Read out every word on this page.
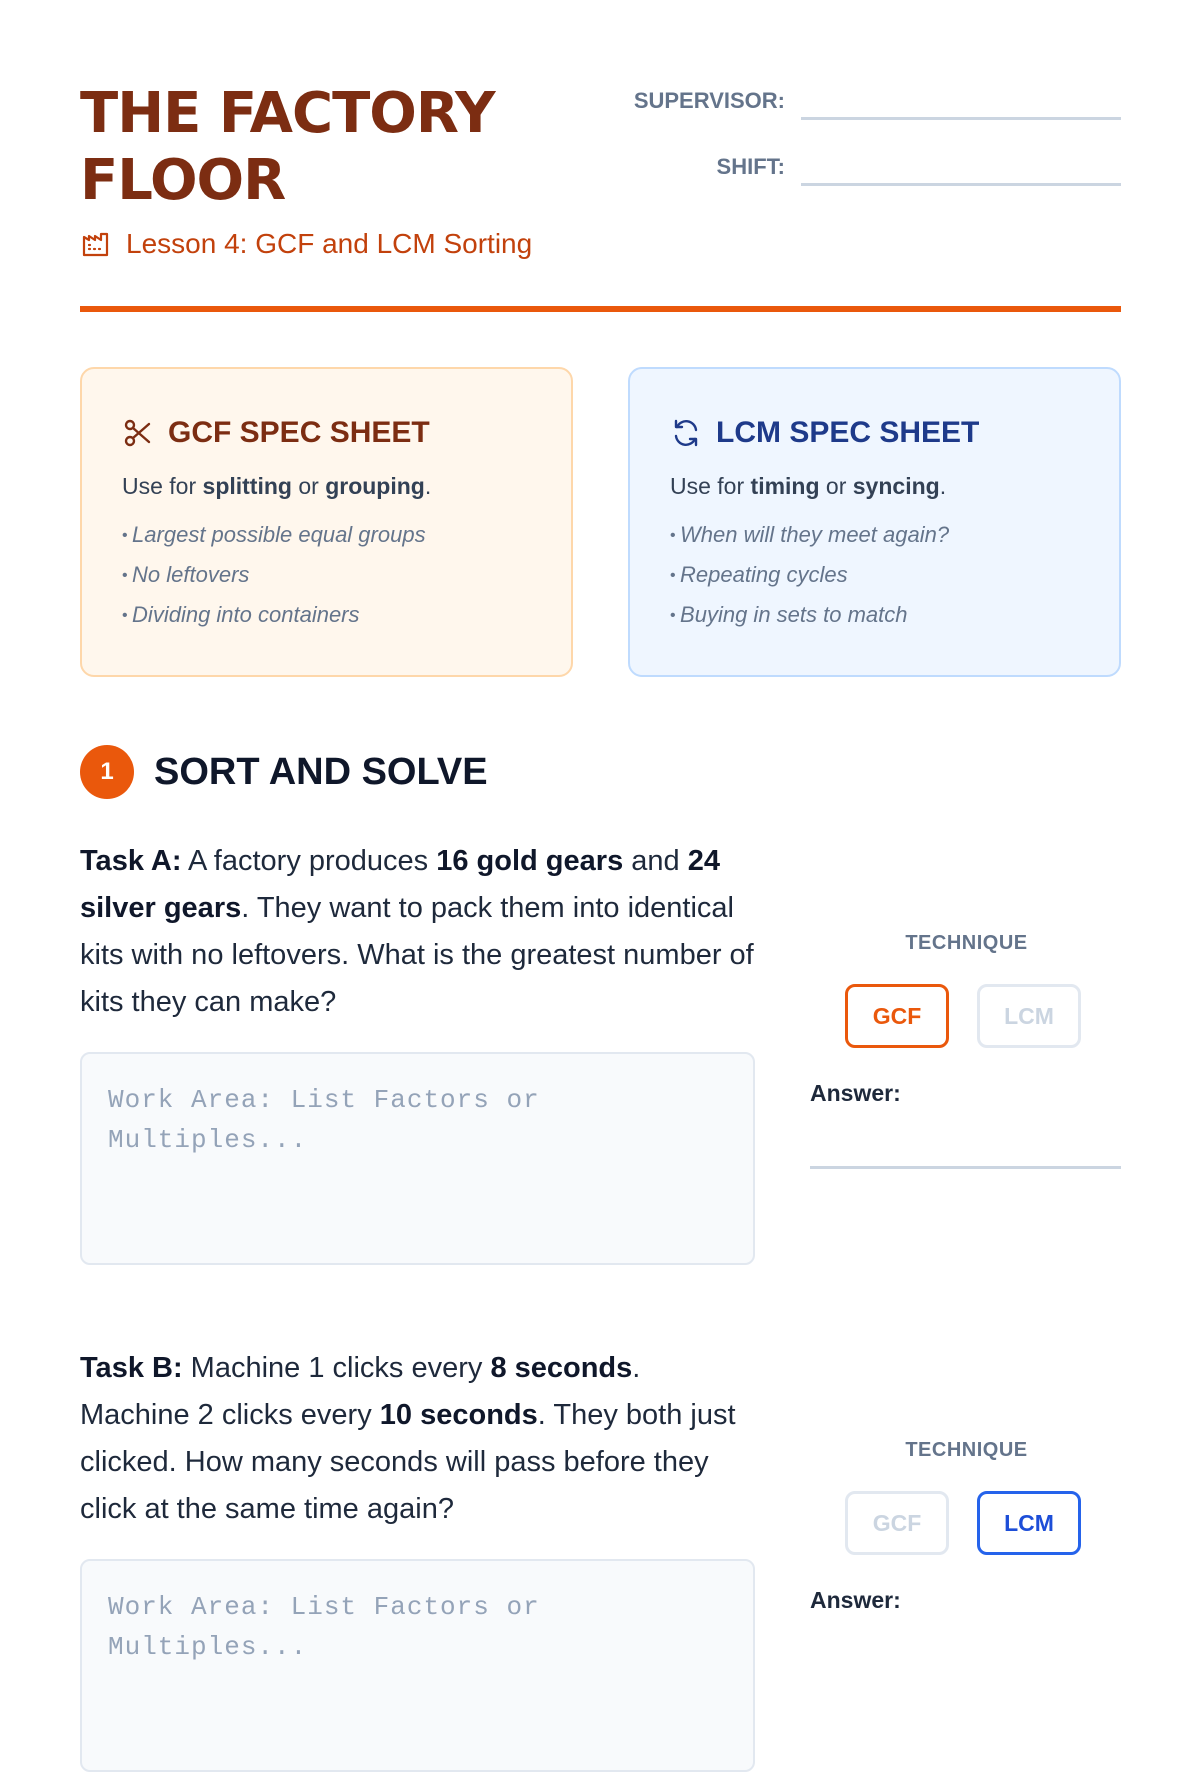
THE FACTORY
FLOOR
Lesson 4: GCF and LCM Sorting
SUPERVISOR:
SHIFT:
GCF SPEC SHEET
Use for splitting or grouping.
• Largest possible equal groups
• No leftovers
• Dividing into containers
LCM SPEC SHEET
Use for timing or syncing.
• When will they meet again?
• Repeating cycles
• Buying in sets to match
1	SORT AND SOLVE
Task A: A factory produces 16 gold gears and 24 silver gears. They want to pack them into identical kits with no leftovers. What is the greatest number of kits they can make?
Work Area: List Factors or Multiples...
TECHNIQUE
GCF	LCM
Answer:
Task B: Machine 1 clicks every 8 seconds. Machine 2 clicks every 10 seconds. They both just clicked. How many seconds will pass before they click at the same time again?
Work Area: List Factors or Multiples...
TECHNIQUE
GCF	LCM
Answer:
